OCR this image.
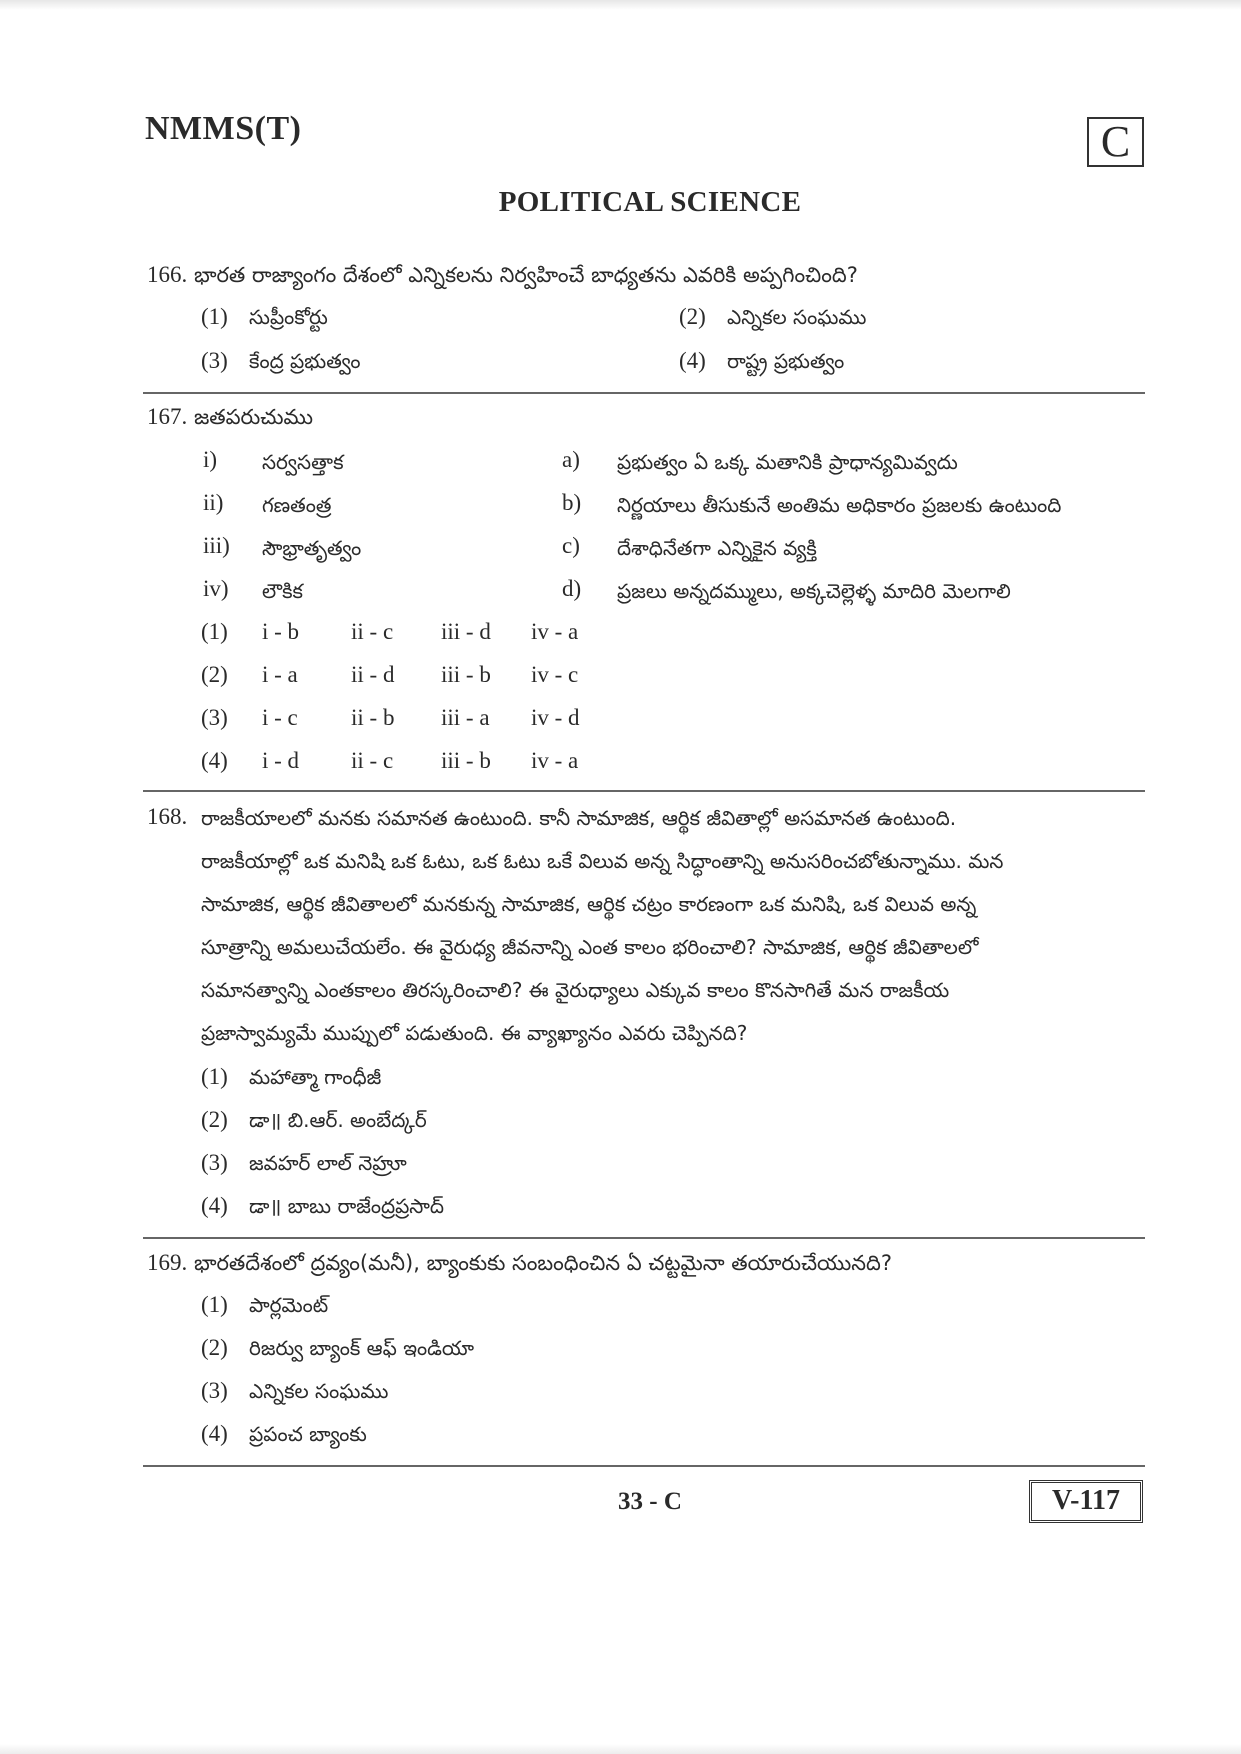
NMMS(T)	C
POLITICAL SCIENCE
166. భారత రాజ్యాంగం దేశంలో ఎన్నికలను నిర్వహించే బాధ్యతను ఎవరికి అప్పగించింది?
(1) సుప్రీంకోర్టు	(2) ఎన్నికల సంఘము
(3) కేంద్ర ప్రభుత్వం	(4) రాష్ట్ర ప్రభుత్వం
167. జతపరుచుము
i) సర్వసత్తాక	a) ప్రభుత్వం ఏ ఒక్క మతానికి ప్రాధాన్యమివ్వదు
ii) గణతంత్ర	b) నిర్ణయాలు తీసుకునే అంతిమ అధికారం ప్రజలకు ఉంటుంది
iii) సౌభ్రాతృత్వం	c) దేశాధినేతగా ఎన్నికైన వ్యక్తి
iv) లౌకిక	d) ప్రజలు అన్నదమ్ములు, అక్కచెల్లెళ్ళ మాదిరి మెలగాలి
(1) i - b ii - c iii - d iv - a
(2) i - a ii - d iii - b iv - c
(3) i - c ii - b iii - a iv - d
(4) i - d ii - c iii - b iv - a
168. రాజకీయాలలో మనకు సమానత ఉంటుంది. కానీ సామాజిక, ఆర్థిక జీవితాల్లో అసమానత ఉంటుంది.
రాజకీయాల్లో ఒక మనిషి ఒక ఓటు, ఒక ఓటు ఒకే విలువ అన్న సిద్ధాంతాన్ని అనుసరించబోతున్నాము. మన
సామాజిక, ఆర్థిక జీవితాలలో మనకున్న సామాజిక, ఆర్థిక చట్రం కారణంగా ఒక మనిషి, ఒక విలువ అన్న
సూత్రాన్ని అమలుచేయలేం. ఈ వైరుధ్య జీవనాన్ని ఎంత కాలం భరించాలి? సామాజిక, ఆర్థిక జీవితాలలో
సమానత్వాన్ని ఎంతకాలం తిరస్కరించాలి? ఈ వైరుధ్యాలు ఎక్కువ కాలం కొనసాగితే మన రాజకీయ
ప్రజాస్వామ్యమే ముప్పులో పడుతుంది. ఈ వ్యాఖ్యానం ఎవరు చెప్పినది?
(1) మహాత్మా గాంధీజీ
(2) డా॥ బి.ఆర్. అంబేద్కర్
(3) జవహర్ లాల్ నెహ్రూ
(4) డా॥ బాబు రాజేంద్రప్రసాద్
169. భారతదేశంలో ద్రవ్యం(మనీ), బ్యాంకుకు సంబంధించిన ఏ చట్టమైనా తయారుచేయునది?
(1) పార్లమెంట్
(2) రిజర్వు బ్యాంక్ ఆఫ్ ఇండియా
(3) ఎన్నికల సంఘము
(4) ప్రపంచ బ్యాంకు
33 - C	V-117
